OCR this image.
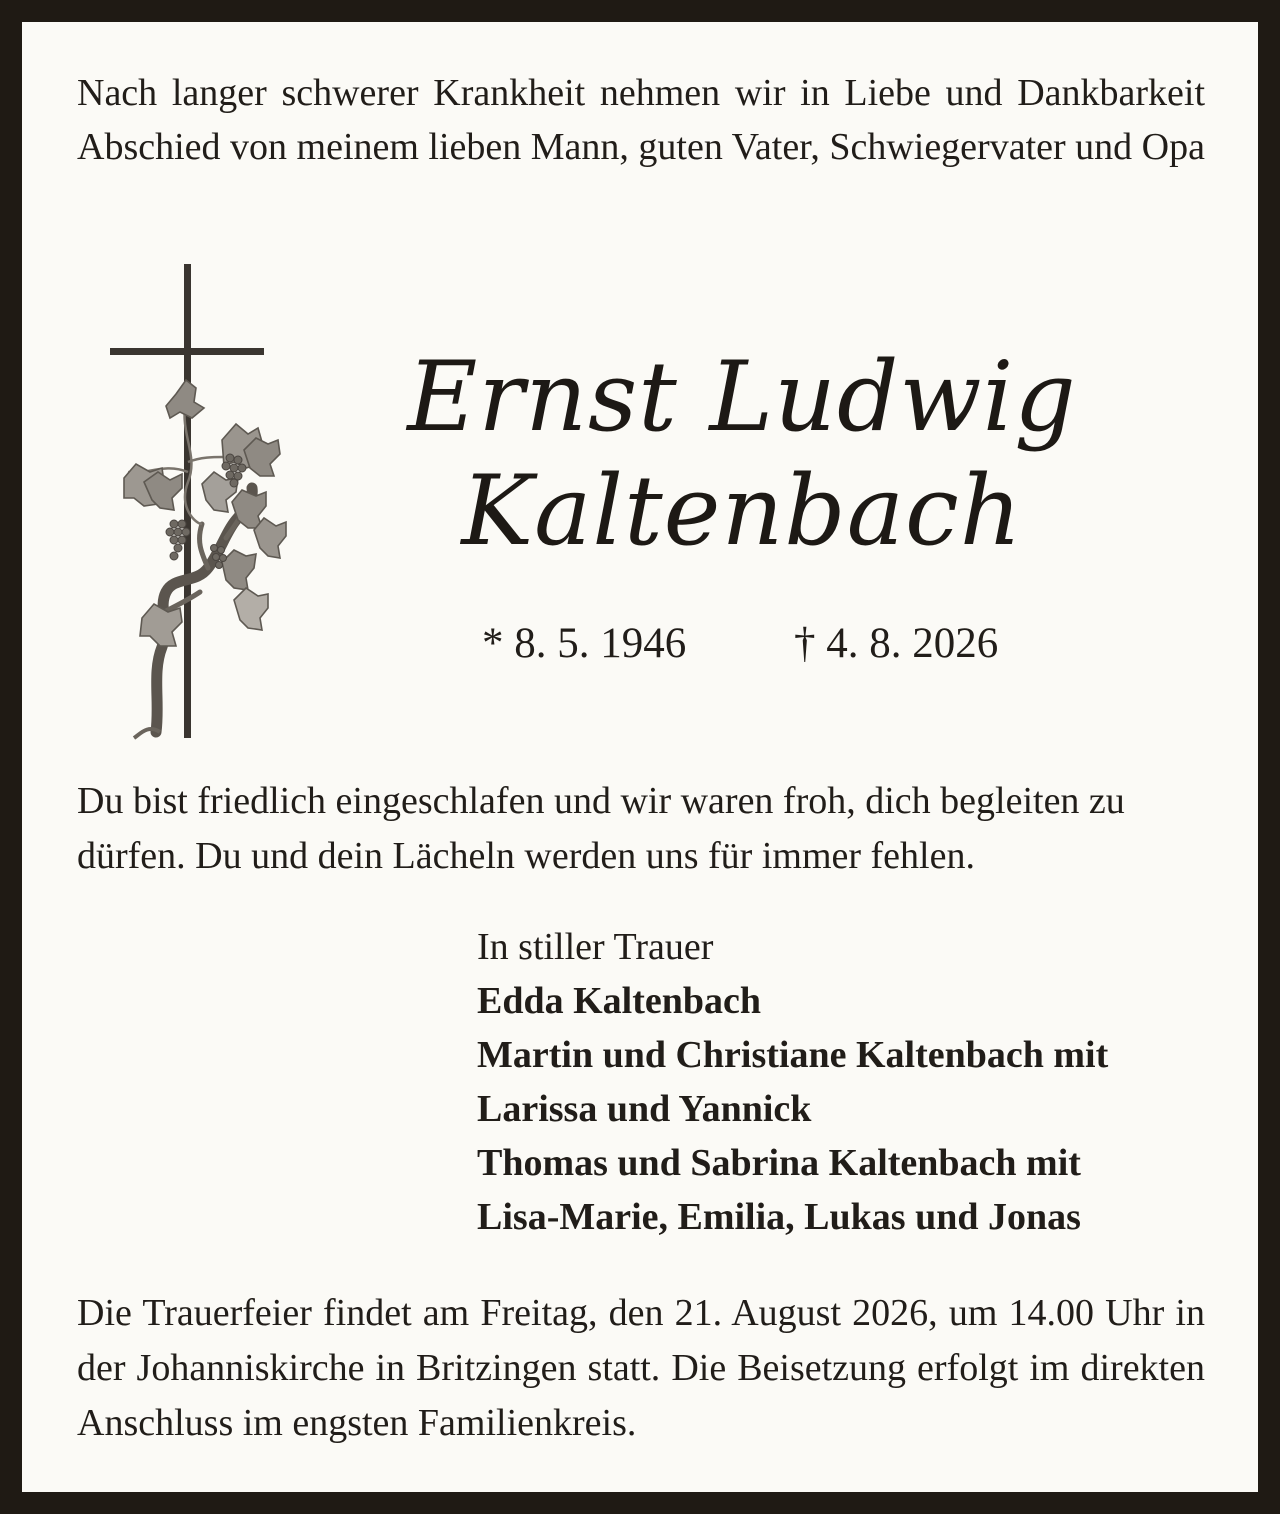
Nach langer schwerer Krankheit nehmen wir in Liebe und Dankbarkeit Abschied von meinem lieben Mann, guten Vater, Schwiegervater und Opa

Ernst Ludwig
Kaltenbach
* 8. 5. 1946	† 4. 8. 2026

Du bist friedlich eingeschlafen und wir waren froh, dich begleiten zu dürfen. Du und dein Lächeln werden uns für immer fehlen.

In stiller Trauer
Edda Kaltenbach
Martin und Christiane Kaltenbach mit
Larissa und Yannick
Thomas und Sabrina Kaltenbach mit
Lisa-Marie, Emilia, Lukas und Jonas

Die Trauerfeier findet am Freitag, den 21. August 2026, um 14.00 Uhr in der Johanniskirche in Britzingen statt. Die Beisetzung erfolgt im direkten Anschluss im engsten Familienkreis.
